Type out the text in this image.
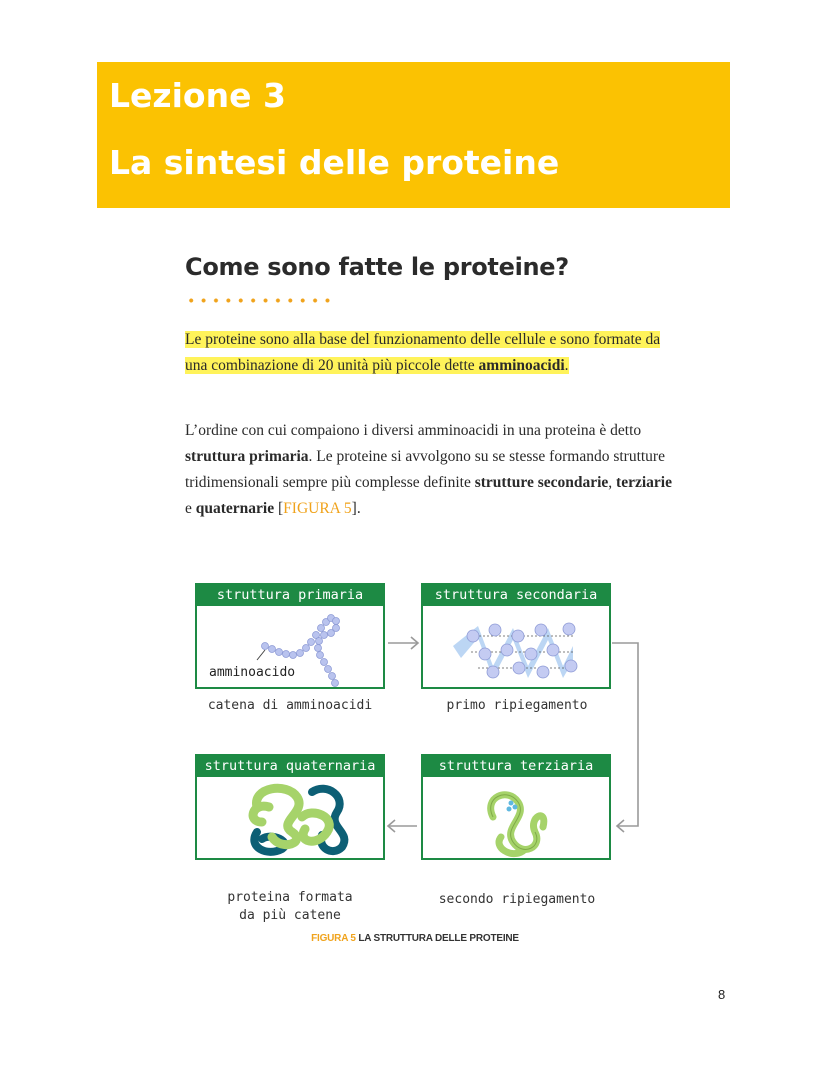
Lezione 3
La sintesi delle proteine
Come sono fatte le proteine?
Le proteine sono alla base del funzionamento delle cellule e sono formate da una combinazione di 20 unità più piccole dette amminoacidi.
L’ordine con cui compaiono i diversi amminoacidi in una proteina è detto struttura primaria. Le proteine si avvolgono su se stesse formando strutture tridimensionali sempre più complesse definite strutture secondarie, terziarie e quaternarie [FIGURA 5].
struttura primaria
amminoacido
struttura secondaria
struttura terziaria
struttura quaternaria
catena di amminoacidi	primo ripiegamento
secondo ripiegamento
proteina formata
da più catene
FIGURA 5 LA STRUTTURA DELLE PROTEINE
8
